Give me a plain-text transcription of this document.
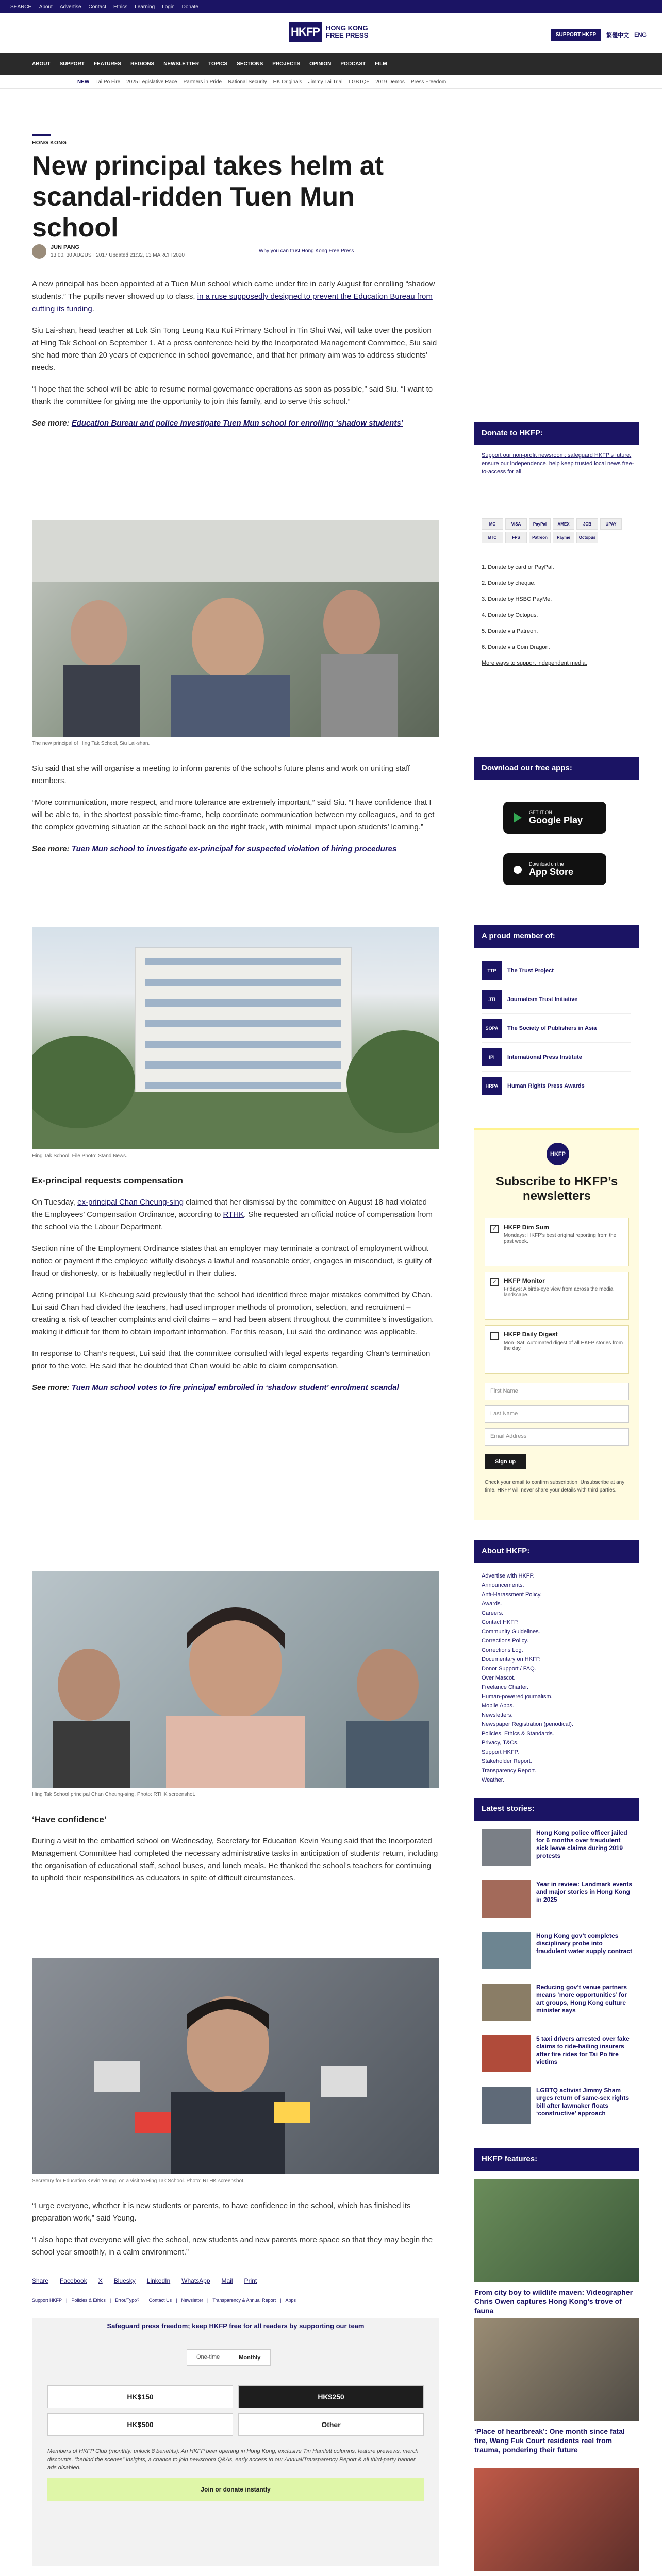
SEARCH About Advertise Contact Ethics Learning Login Donate
HKFP HONG KONG
FREE PRESS	SUPPORT HKFP	繁體中文 ENG
ABOUT SUPPORT FEATURES REGIONS NEWSLETTER TOPICS SECTIONS PROJECTS OPINION PODCAST FILM
NEW Tai Po Fire 2025 Legislative Race Partners in Pride National Security HK Originals Jimmy Lai Trial LGBTQ+ 2019 Demos Press Freedom
HONG KONG
New principal takes helm at scandal-ridden Tuen Mun school
JUN PANG
13:00, 30 AUGUST 2017 Updated 21:32, 13 MARCH 2020
Why you can trust Hong Kong Free Press

A new principal has been appointed at a Tuen Mun school which came under fire in early August for enrolling “shadow students.” The pupils never showed up to class, in a ruse supposedly designed to prevent the Education Bureau from cutting its funding.

Siu Lai-shan, head teacher at Lok Sin Tong Leung Kau Kui Primary School in Tin Shui Wai, will take over the position at Hing Tak School on September 1. At a press conference held by the Incorporated Management Committee, Siu said she had more than 20 years of experience in school governance, and that her primary aim was to address students’ needs.

“I hope that the school will be able to resume normal governance operations as soon as possible,” said Siu. “I want to thank the committee for giving me the opportunity to join this family, and to serve this school.”

See more: Education Bureau and police investigate Tuen Mun school for enrolling ‘shadow students’

The new principal of Hing Tak School, Siu Lai-shan.

Siu said that she will organise a meeting to inform parents of the school’s future plans and work on uniting staff members.

“More communication, more respect, and more tolerance are extremely important,” said Siu. “I have confidence that I will be able to, in the shortest possible time-frame, help coordinate communication between my colleagues, and to get the complex governing situation at the school back on the right track, with minimal impact upon students’ learning.”

See more: Tuen Mun school to investigate ex-principal for suspected violation of hiring procedures

Hing Tak School. File Photo: Stand News.

Ex-principal requests compensation

On Tuesday, ex-principal Chan Cheung-sing claimed that her dismissal by the committee on August 18 had violated the Employees’ Compensation Ordinance, according to RTHK. She requested an official notice of compensation from the school via the Labour Department.

Section nine of the Employment Ordinance states that an employer may terminate a contract of employment without notice or payment if the employee wilfully disobeys a lawful and reasonable order, engages in misconduct, is guilty of fraud or dishonesty, or is habitually neglectful in their duties.

Acting principal Lui Ki-cheung said previously that the school had identified three major mistakes committed by Chan. Lui said Chan had divided the teachers, had used improper methods of promotion, selection, and recruitment – creating a risk of teacher complaints and civil claims – and had been absent throughout the committee’s investigation, making it difficult for them to obtain important information. For this reason, Lui said the ordinance was applicable.

In response to Chan’s request, Lui said that the committee consulted with legal experts regarding Chan’s termination prior to the vote. He said that he doubted that Chan would be able to claim compensation.

See more: Tuen Mun school votes to fire principal embroiled in ‘shadow student’ enrolment scandal

Hing Tak School principal Chan Cheung-sing. Photo: RTHK screenshot.

‘Have confidence’

During a visit to the embattled school on Wednesday, Secretary for Education Kevin Yeung said that the Incorporated Management Committee had completed the necessary administrative tasks in anticipation of students’ return, including the organisation of educational staff, school buses, and lunch meals. He thanked the school’s teachers for continuing to uphold their responsibilities as educators in spite of difficult circumstances.

Secretary for Education Kevin Yeung, on a visit to Hing Tak School. Photo: RTHK screenshot.

“I urge everyone, whether it is new students or parents, to have confidence in the school, which has finished its preparation work,” said Yeung.

“I also hope that everyone will give the school, new students and new parents more space so that they may begin the school year smoothly, in a calm environment.”

Share Facebook X Bluesky LinkedIn WhatsApp Mail Print
Support HKFP | Policies & Ethics | Error/Typo? | Contact Us | Newsletter | Transparency & Annual Report | Apps
Safeguard press freedom; keep HKFP free for all readers by supporting our team
One-time	Monthly
HK$150	HK$250
HK$500	Other
Members of HKFP Club (monthly: unlock 8 benefits): An HKFP beer opening in Hong Kong, exclusive Tin Hamlett columns, feature previews, merch discounts, “behind the scenes” insights, a chance to join newsroom Q&As, early access to our Annual/Transparency Report & all third-party banner ads disabled.
Join or donate instantly
Donate to HKFP:
Support our non-profit newsroom: safeguard HKFP’s future, ensure our independence, help keep trusted local news free-to-access for all.
MC	VISA	PayPal	AMEX	JCB	UPAY
BTC	FPS	Patreon	Payme	Octopus
1. Donate by card or PayPal.
2. Donate by cheque.
3. Donate by HSBC PayMe.
4. Donate by Octopus.
5. Donate via Patreon.
6. Donate via Coin Dragon.
More ways to support independent media.
Download our free apps:
GET IT ON
Google Play
Download on the
App Store
A proud member of:
TTP	The Trust Project
JTI	Journalism Trust Initiative
SOPA	The Society of Publishers in Asia
IPI	International Press Institute
HRPA	Human Rights Press Awards
HKFP
Subscribe to HKFP’s newsletters
✓
HKFP Dim Sum
Mondays: HKFP’s best original reporting from the past week.
✓
HKFP Monitor
Fridays: A birds-eye view from across the media landscape.
HKFP Daily Digest
Mon–Sat: Automated digest of all HKFP stories from the day.
First Name
Last Name
Email Address
Sign up
Check your email to confirm subscription. Unsubscribe at any time. HKFP will never share your details with third parties.
About HKFP:
Advertise with HKFP.
Announcements.
Anti-Harassment Policy.
Awards.
Careers.
Contact HKFP.
Community Guidelines.
Corrections Policy.
Corrections Log.
Documentary on HKFP.
Donor Support / FAQ.
Over Mascot.
Freelance Charter.
Human-powered journalism.
Mobile Apps.
Newsletters.
Newspaper Registration (periodical).
Policies, Ethics & Standards.
Privacy, T&Cs.
Support HKFP.
Stakeholder Report.
Transparency Report.
Weather.
Latest stories:
Hong Kong police officer jailed for 6 months over fraudulent sick leave claims during 2019 protests
Year in review: Landmark events and major stories in Hong Kong in 2025
Hong Kong gov’t completes disciplinary probe into fraudulent water supply contract
Reducing gov’t venue partners means ‘more opportunities’ for art groups, Hong Kong culture minister says
5 taxi drivers arrested over fake claims to ride-hailing insurers after fire rides for Tai Po fire victims
LGBTQ activist Jimmy Sham urges return of same-sex rights bill after lawmaker floats ‘constructive’ approach
HKFP features:
From city boy to wildlife maven: Videographer Chris Owen captures Hong Kong’s trove of fauna
‘Place of heartbreak’: One month since fatal fire, Wang Fuk Court residents reel from trauma, pondering their future
